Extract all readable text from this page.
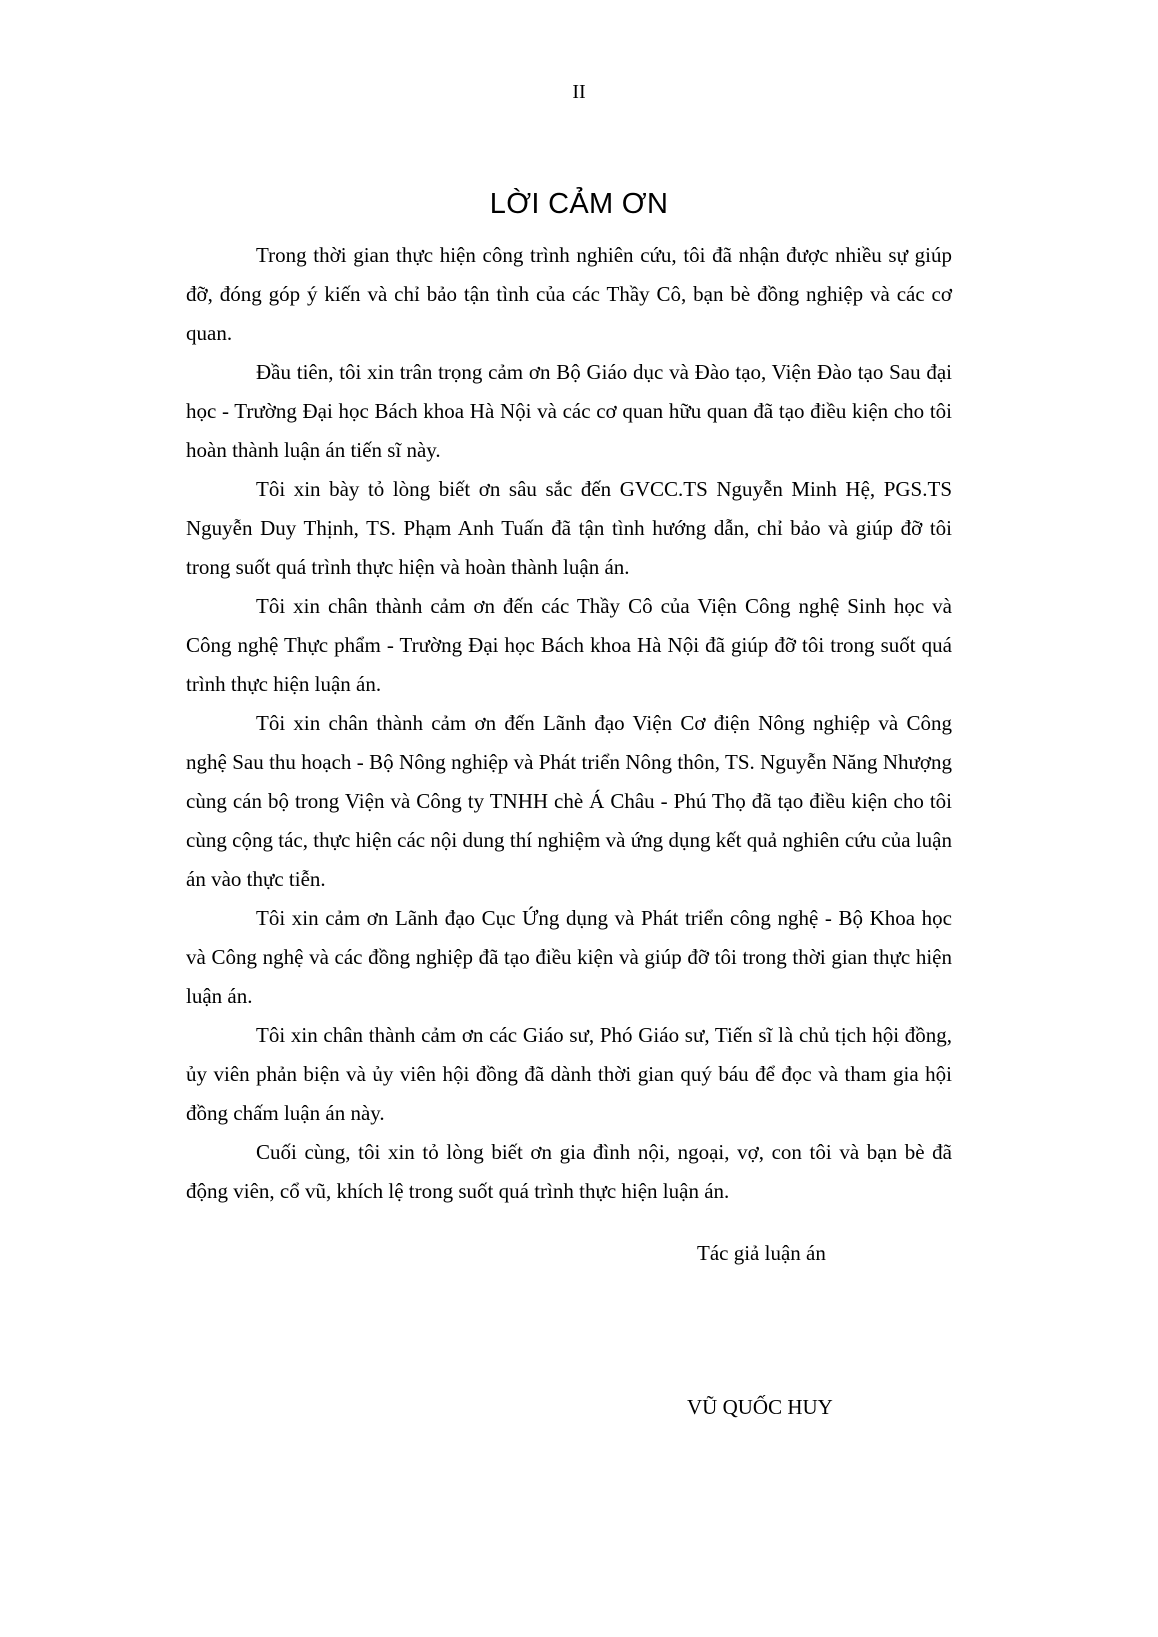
II
LỜI CẢM ƠN

Trong thời gian thực hiện công trình nghiên cứu, tôi đã nhận được nhiều sự giúp đỡ, đóng góp ý kiến và chỉ bảo tận tình của các Thầy Cô, bạn bè đồng nghiệp và các cơ quan.

Đầu tiên, tôi xin trân trọng cảm ơn Bộ Giáo dục và Đào tạo, Viện Đào tạo Sau đại học - Trường Đại học Bách khoa Hà Nội và các cơ quan hữu quan đã tạo điều kiện cho tôi hoàn thành luận án tiến sĩ này.

Tôi xin bày tỏ lòng biết ơn sâu sắc đến GVCC.TS Nguyễn Minh Hệ, PGS.TS Nguyễn Duy Thịnh, TS. Phạm Anh Tuấn đã tận tình hướng dẫn, chỉ bảo và giúp đỡ tôi trong suốt quá trình thực hiện và hoàn thành luận án.

Tôi xin chân thành cảm ơn đến các Thầy Cô của Viện Công nghệ Sinh học và Công nghệ Thực phẩm - Trường Đại học Bách khoa Hà Nội đã giúp đỡ tôi trong suốt quá trình thực hiện luận án.

Tôi xin chân thành cảm ơn đến Lãnh đạo Viện Cơ điện Nông nghiệp và Công nghệ Sau thu hoạch - Bộ Nông nghiệp và Phát triển Nông thôn, TS. Nguyễn Năng Nhượng cùng cán bộ trong Viện và Công ty TNHH chè Á Châu - Phú Thọ đã tạo điều kiện cho tôi cùng cộng tác, thực hiện các nội dung thí nghiệm và ứng dụng kết quả nghiên cứu của luận án vào thực tiễn.

Tôi xin cảm ơn Lãnh đạo Cục Ứng dụng và Phát triển công nghệ - Bộ Khoa học và Công nghệ và các đồng nghiệp đã tạo điều kiện và giúp đỡ tôi trong thời gian thực hiện luận án.

Tôi xin chân thành cảm ơn các Giáo sư, Phó Giáo sư, Tiến sĩ là chủ tịch hội đồng, ủy viên phản biện và ủy viên hội đồng đã dành thời gian quý báu để đọc và tham gia hội đồng chấm luận án này.

Cuối cùng, tôi xin tỏ lòng biết ơn gia đình nội, ngoại, vợ, con tôi và bạn bè đã động viên, cổ vũ, khích lệ trong suốt quá trình thực hiện luận án.

Tác giả luận án
VŨ QUỐC HUY
